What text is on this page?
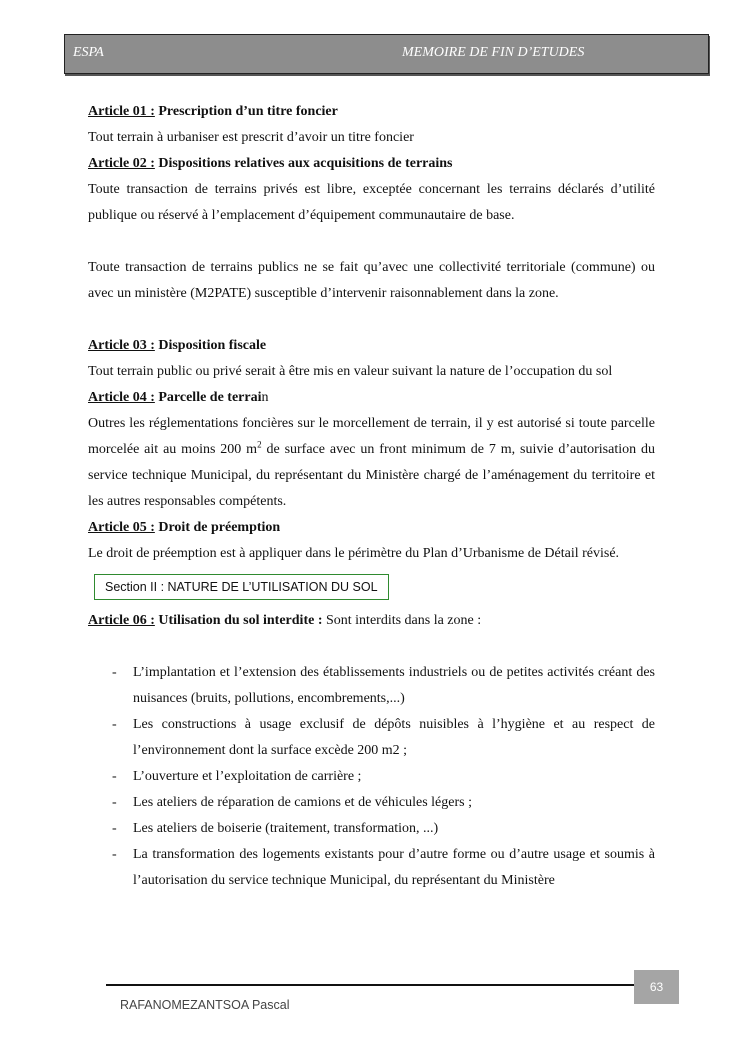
ESPA	MEMOIRE DE FIN D’ETUDES

Article 01 : Prescription d’un titre foncier

Tout terrain à urbaniser est prescrit d’avoir un titre foncier

Article 02 : Dispositions relatives aux acquisitions de terrains

Toute transaction de terrains privés est libre, exceptée concernant les terrains déclarés d’utilité publique ou réservé à l’emplacement d’équipement communautaire de base.

Toute transaction de terrains publics ne se fait qu’avec une collectivité territoriale (commune) ou avec un ministère (M2PATE) susceptible d’intervenir raisonnablement dans la zone.

Article 03 : Disposition fiscale

Tout terrain public ou privé serait à être mis en valeur suivant la nature de l’occupation du sol

Article 04 : Parcelle de terrain

Outres les réglementations foncières sur le morcellement de terrain, il y est autorisé si toute parcelle morcelée ait au moins 200 $m^2$ de surface avec un front minimum de 7 m, suivie d’autorisation du service technique Municipal, du représentant du Ministère chargé de l’aménagement du territoire et les autres responsables compétents.

Article 05 : Droit de préemption

Le droit de préemption est à appliquer dans le périmètre du Plan d’Urbanisme de Détail révisé.

Section II : NATURE DE L’UTILISATION DU SOL

Article 06 : Utilisation du sol interdite : Sont interdits dans la zone :

- L’implantation et l’extension des établissements industriels ou de petites activités créant des nuisances (bruits, pollutions, encombrements,...)
- Les constructions à usage exclusif de dépôts nuisibles à l’hygiène et au respect de l’environnement dont la surface excède 200 m2 ;
- L’ouverture et l’exploitation de carrière ;
- Les ateliers de réparation de camions et de véhicules légers ;
- Les ateliers de boiserie (traitement, transformation, ...)
- La transformation des logements existants pour d’autre forme ou d’autre usage et soumis à l’autorisation du service technique Municipal, du représentant du Ministère
63
RAFANOMEZANTSOA Pascal
